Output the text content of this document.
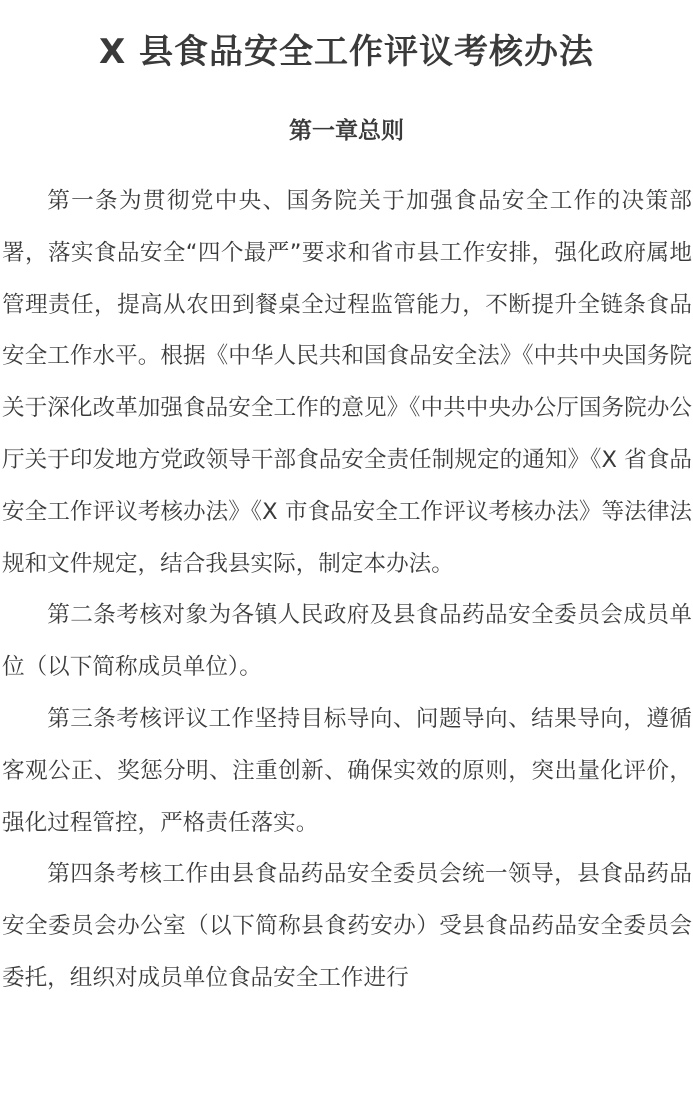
X 县食品安全工作评议考核办法
第一章总则

第一条为贯彻党中央、国务院关于加强食品安全工作的决策部署，落实食品安全“四个最严”要求和省市县工作安排，强化政府属地管理责任，提高从农田到餐桌全过程监管能力，不断提升全链条食品安全工作水平。根据《中华人民共和国食品安全法》《中共中央国务院关于深化改革加强食品安全工作的意见》《中共中央办公厅国务院办公厅关于印发地方党政领导干部食品安全责任制规定的通知》《X 省食品安全工作评议考核办法》《X 市食品安全工作评议考核办法》等法律法规和文件规定，结合我县实际，制定本办法。

第二条考核对象为各镇人民政府及县食品药品安全委员会成员单位（以下简称成员单位）。

第三条考核评议工作坚持目标导向、问题导向、结果导向，遵循客观公正、奖惩分明、注重创新、确保实效的原则，突出量化评价，强化过程管控，严格责任落实。

第四条考核工作由县食品药品安全委员会统一领导，县食品药品安全委员会办公室（以下简称县食药安办）受县食品药品安全委员会委托，组织对成员单位食品安全工作进行
